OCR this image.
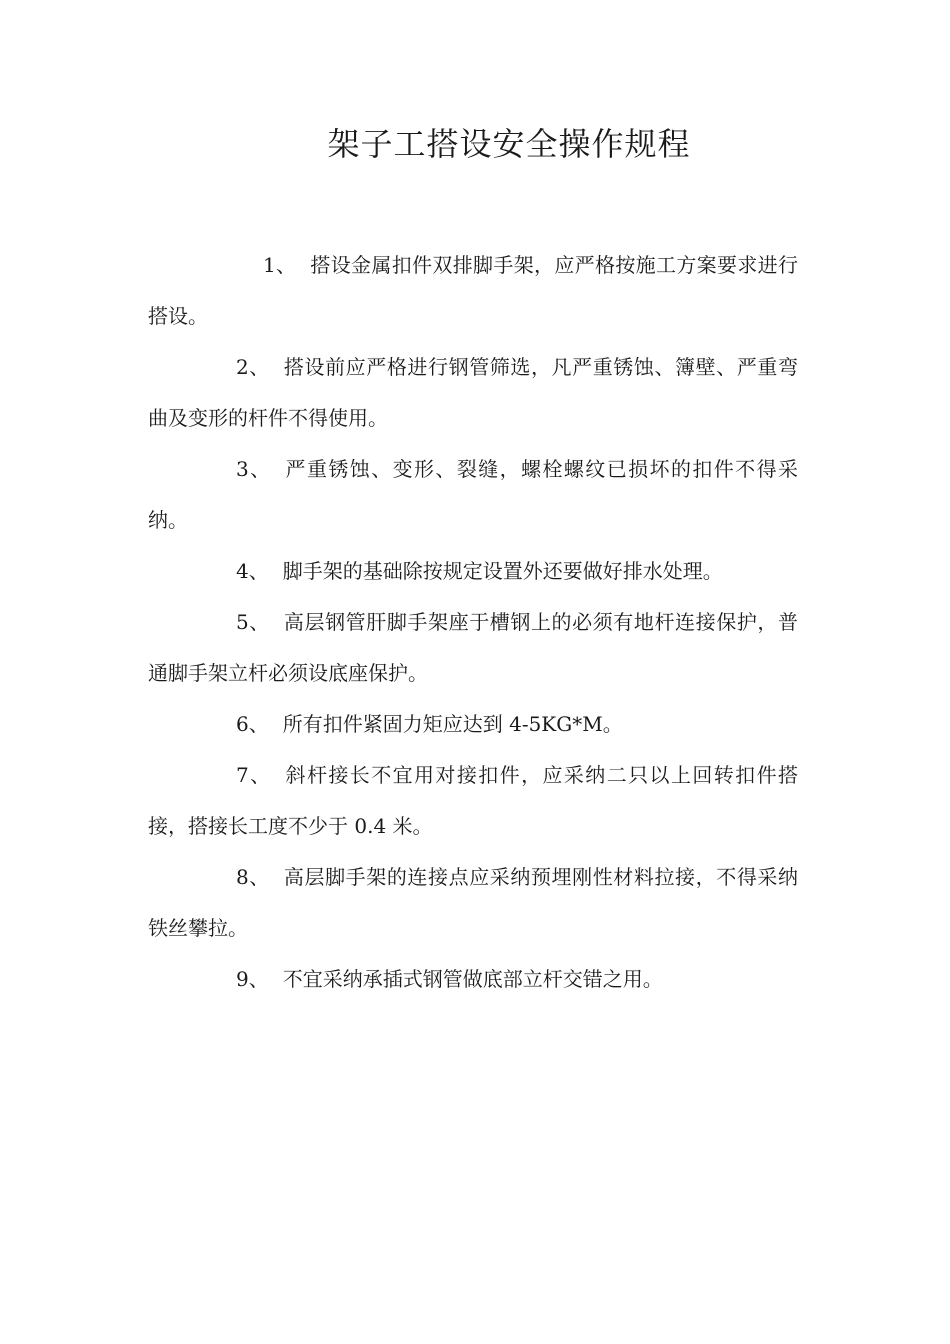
架子工搭设安全操作规程
1、 搭设金属扣件双排脚手架，应严格按施工方案要求进行搭设。
2、 搭设前应严格进行钢管筛选，凡严重锈蚀、簿壁、严重弯曲及变形的杆件不得使用。
3、 严重锈蚀、变形、裂缝，螺栓螺纹已损坏的扣件不得采纳。
4、 脚手架的基础除按规定设置外还要做好排水处理。
5、 高层钢管肝脚手架座于槽钢上的必须有地杆连接保护，普通脚手架立杆必须设底座保护。
6、 所有扣件紧固力矩应达到 4-5KG*M。
7、 斜杆接长不宜用对接扣件，应采纳二只以上回转扣件搭接，搭接长工度不少于 0.4 米。
8、 高层脚手架的连接点应采纳预埋刚性材料拉接，不得采纳铁丝攀拉。
9、 不宜采纳承插式钢管做底部立杆交错之用。
